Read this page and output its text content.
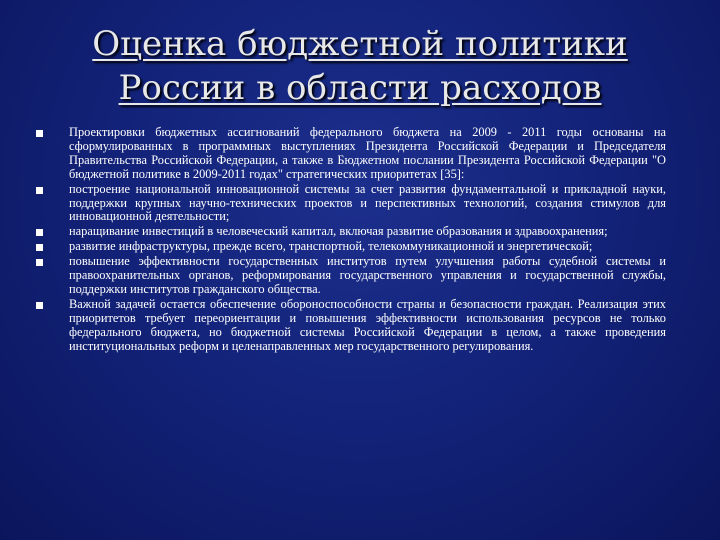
Оценка бюджетной политики
России в области расходов
Проектировки бюджетных ассигнований федерального бюджета на 2009 - 2011 годы основаны на сформулированных в программных выступлениях Президента Российской Федерации и Председателя Правительства Российской Федерации, а также в Бюджетном послании Президента Российской Федерации "О бюджетной политике в 2009-2011 годах" стратегических приоритетах [35]:
построение национальной инновационной системы за счет развития фундаментальной и прикладной науки, поддержки крупных научно-технических проектов и перспективных технологий, создания стимулов для инновационной деятельности;
наращивание инвестиций в человеческий капитал, включая развитие образования и здравоохранения;
развитие инфраструктуры, прежде всего, транспортной, телекоммуникационной и энергетической;
повышение эффективности государственных институтов путем улучшения работы судебной системы и правоохранительных органов, реформирования государственного управления и государственной службы, поддержки институтов гражданского общества.
Важной задачей остается обеспечение обороноспособности страны и безопасности граждан. Реализация этих приоритетов требует переориентации и повышения эффективности использования ресурсов не только федерального бюджета, но бюджетной системы Российской Федерации в целом, а также проведения институциональных реформ и целенаправленных мер государственного регулирования.
